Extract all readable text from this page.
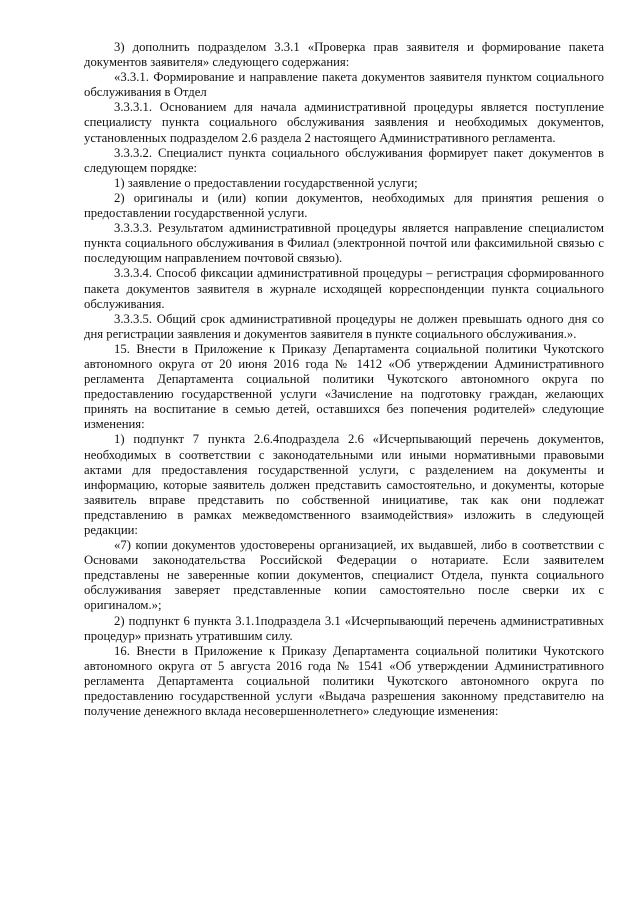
3) дополнить подразделом 3.3.1 «Проверка прав заявителя и формирование пакета документов заявителя» следующего содержания:

«3.3.1. Формирование и направление пакета документов заявителя пунктом социального обслуживания в Отдел

3.3.3.1. Основанием для начала административной процедуры является поступление специалисту пункта социального обслуживания заявления и необходимых документов, установленных подразделом 2.6 раздела 2 настоящего Административного регламента.

3.3.3.2. Специалист пункта социального обслуживания формирует пакет документов в следующем порядке:

1) заявление о предоставлении государственной услуги;

2) оригиналы и (или) копии документов, необходимых для принятия решения о предоставлении государственной услуги.

3.3.3.3. Результатом административной процедуры является направление специалистом пункта социального обслуживания в Филиал (электронной почтой или факсимильной связью с последующим направлением почтовой связью).

3.3.3.4. Способ фиксации административной процедуры – регистрация сформированного пакета документов заявителя в журнале исходящей корреспонденции пункта социального обслуживания.

3.3.3.5. Общий срок административной процедуры не должен превышать одного дня со дня регистрации заявления и документов заявителя в пункте социального обслуживания.».

15. Внести в Приложение к Приказу Департамента социальной политики Чукотского автономного округа от 20 июня 2016 года № 1412 «Об утверждении Административного регламента Департамента социальной политики Чукотского автономного округа по предоставлению государственной услуги «Зачисление на подготовку граждан, желающих принять на воспитание в семью детей, оставшихся без попечения родителей» следующие изменения:

1) подпункт 7 пункта 2.6.4подраздела 2.6 «Исчерпывающий перечень документов, необходимых в соответствии с законодательными или иными нормативными правовыми актами для предоставления государственной услуги, с разделением на документы и информацию, которые заявитель должен представить самостоятельно, и документы, которые заявитель вправе представить по собственной инициативе, так как они подлежат представлению в рамках межведомственного взаимодействия» изложить в следующей редакции:

«7) копии документов удостоверены организацией, их выдавшей, либо в соответствии с Основами законодательства Российской Федерации о нотариате. Если заявителем представлены не заверенные копии документов, специалист Отдела, пункта социального обслуживания заверяет представленные копии самостоятельно после сверки их с оригиналом.»;

2) подпункт 6 пункта 3.1.1подраздела 3.1 «Исчерпывающий перечень административных процедур» признать утратившим силу.

16. Внести в Приложение к Приказу Департамента социальной политики Чукотского автономного округа от 5 августа 2016 года № 1541 «Об утверждении Административного регламента Департамента социальной политики Чукотского автономного округа по предоставлению государственной услуги «Выдача разрешения законному представителю на получение денежного вклада несовершеннолетнего» следующие изменения:
